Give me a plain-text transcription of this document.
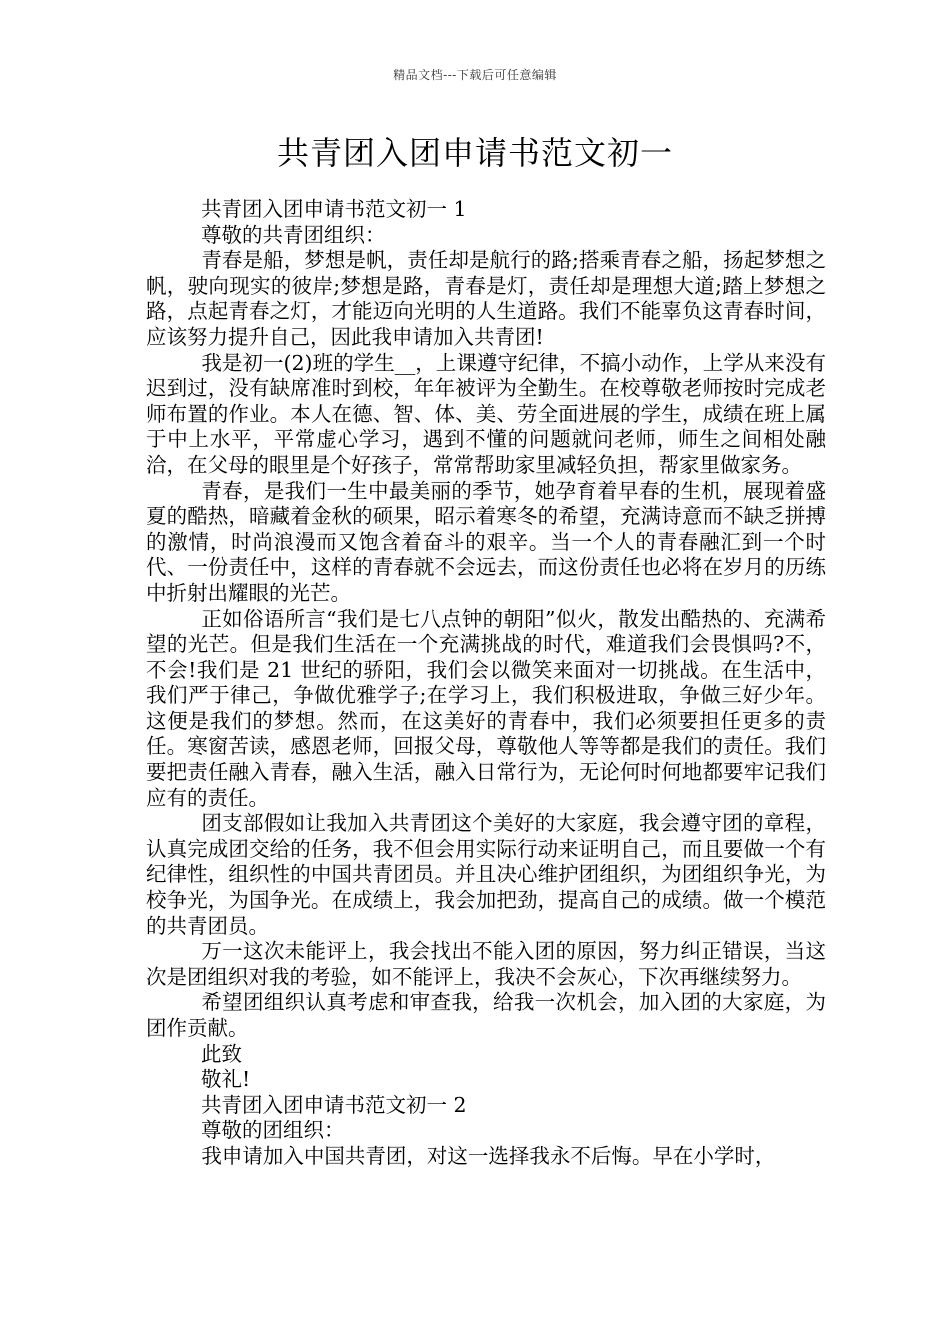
精品文档---下载后可任意编辑
共青团入团申请书范文初一

共青团入团申请书范文初一 1

尊敬的共青团组织：

青春是船，梦想是帆，责任却是航行的路;搭乘青春之船，扬起梦想之帆，驶向现实的彼岸;梦想是路，青春是灯，责任却是理想大道;踏上梦想之路，点起青春之灯，才能迈向光明的人生道路。我们不能辜负这青春时间，应该努力提升自己，因此我申请加入共青团!

我是初一(2)班的学生__，上课遵守纪律，不搞小动作，上学从来没有迟到过，没有缺席准时到校，年年被评为全勤生。在校尊敬老师按时完成老师布置的作业。本人在德、智、体、美、劳全面进展的学生，成绩在班上属于中上水平，平常虚心学习，遇到不懂的问题就问老师，师生之间相处融洽，在父母的眼里是个好孩子，常常帮助家里减轻负担，帮家里做家务。

青春，是我们一生中最美丽的季节，她孕育着早春的生机，展现着盛夏的酷热，暗藏着金秋的硕果，昭示着寒冬的希望，充满诗意而不缺乏拼搏的激情，时尚浪漫而又饱含着奋斗的艰辛。当一个人的青春融汇到一个时代、一份责任中，这样的青春就不会远去，而这份责任也必将在岁月的历练中折射出耀眼的光芒。

正如俗语所言“我们是七八点钟的朝阳”似火，散发出酷热的、充满希望的光芒。但是我们生活在一个充满挑战的时代，难道我们会畏惧吗?不，不会!我们是 21 世纪的骄阳，我们会以微笑来面对一切挑战。在生活中，我们严于律己，争做优雅学子;在学习上，我们积极进取，争做三好少年。这便是我们的梦想。然而，在这美好的青春中，我们必须要担任更多的责任。寒窗苦读，感恩老师，回报父母，尊敬他人等等都是我们的责任。我们要把责任融入青春，融入生活，融入日常行为，无论何时何地都要牢记我们应有的责任。

团支部假如让我加入共青团这个美好的大家庭，我会遵守团的章程，认真完成团交给的任务，我不但会用实际行动来证明自己，而且要做一个有纪律性，组织性的中国共青团员。并且决心维护团组织，为团组织争光，为校争光，为国争光。在成绩上，我会加把劲，提高自己的成绩。做一个模范的共青团员。

万一这次未能评上，我会找出不能入团的原因，努力纠正错误，当这次是团组织对我的考验，如不能评上，我决不会灰心，下次再继续努力。

希望团组织认真考虑和审查我，给我一次机会，加入团的大家庭，为团作贡献。

此致

敬礼!

共青团入团申请书范文初一 2

尊敬的团组织：

我申请加入中国共青团，对这一选择我永不后悔。早在小学时，
